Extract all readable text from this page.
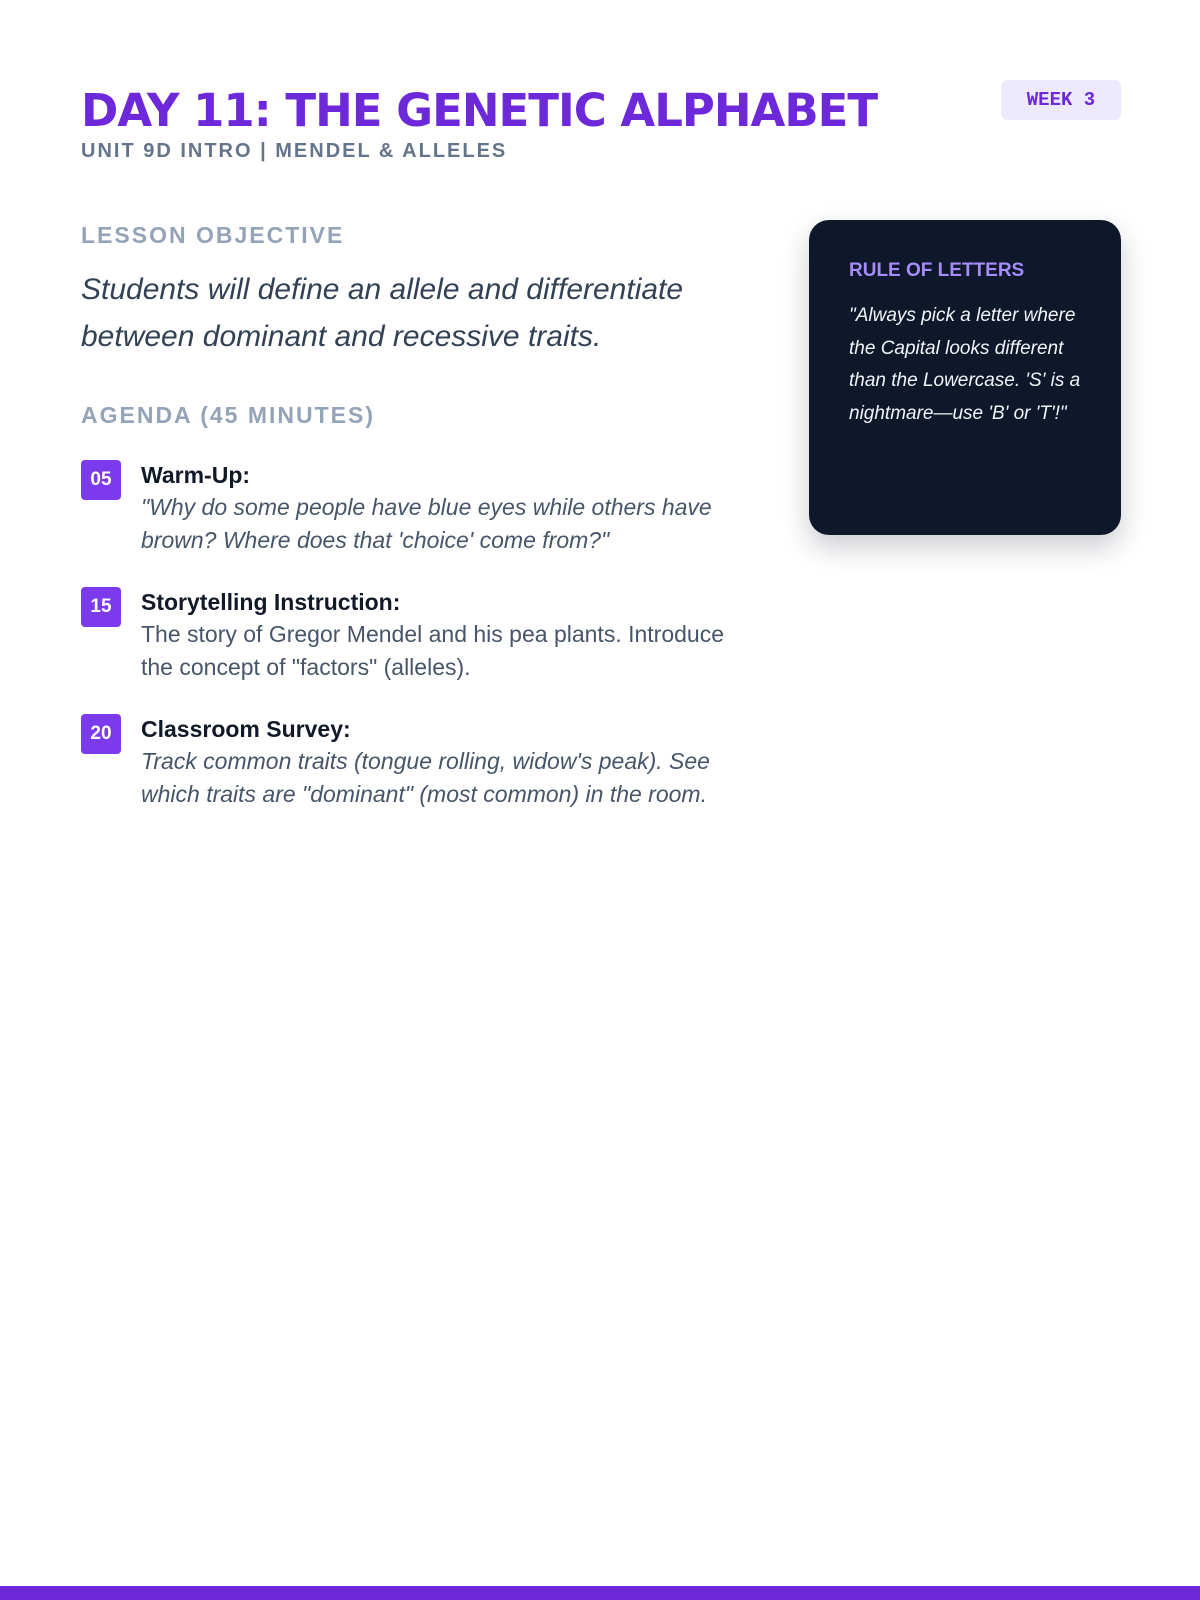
DAY 11: THE GENETIC ALPHABET
UNIT 9D INTRO | MENDEL & ALLELES
WEEK 3
LESSON OBJECTIVE
Students will define an allele and differentiate between dominant and recessive traits.
AGENDA (45 MINUTES)
05	Warm-Up:
"Why do some people have blue eyes while others have brown? Where does that 'choice' come from?"
15	Storytelling Instruction:
The story of Gregor Mendel and his pea plants. Introduce the concept of "factors" (alleles).
20	Classroom Survey:
Track common traits (tongue rolling, widow's peak). See which traits are "dominant" (most common) in the room.
RULE OF LETTERS
"Always pick a letter where the Capital looks different than the Lowercase. 'S' is a nightmare—use 'B' or 'T'!"
